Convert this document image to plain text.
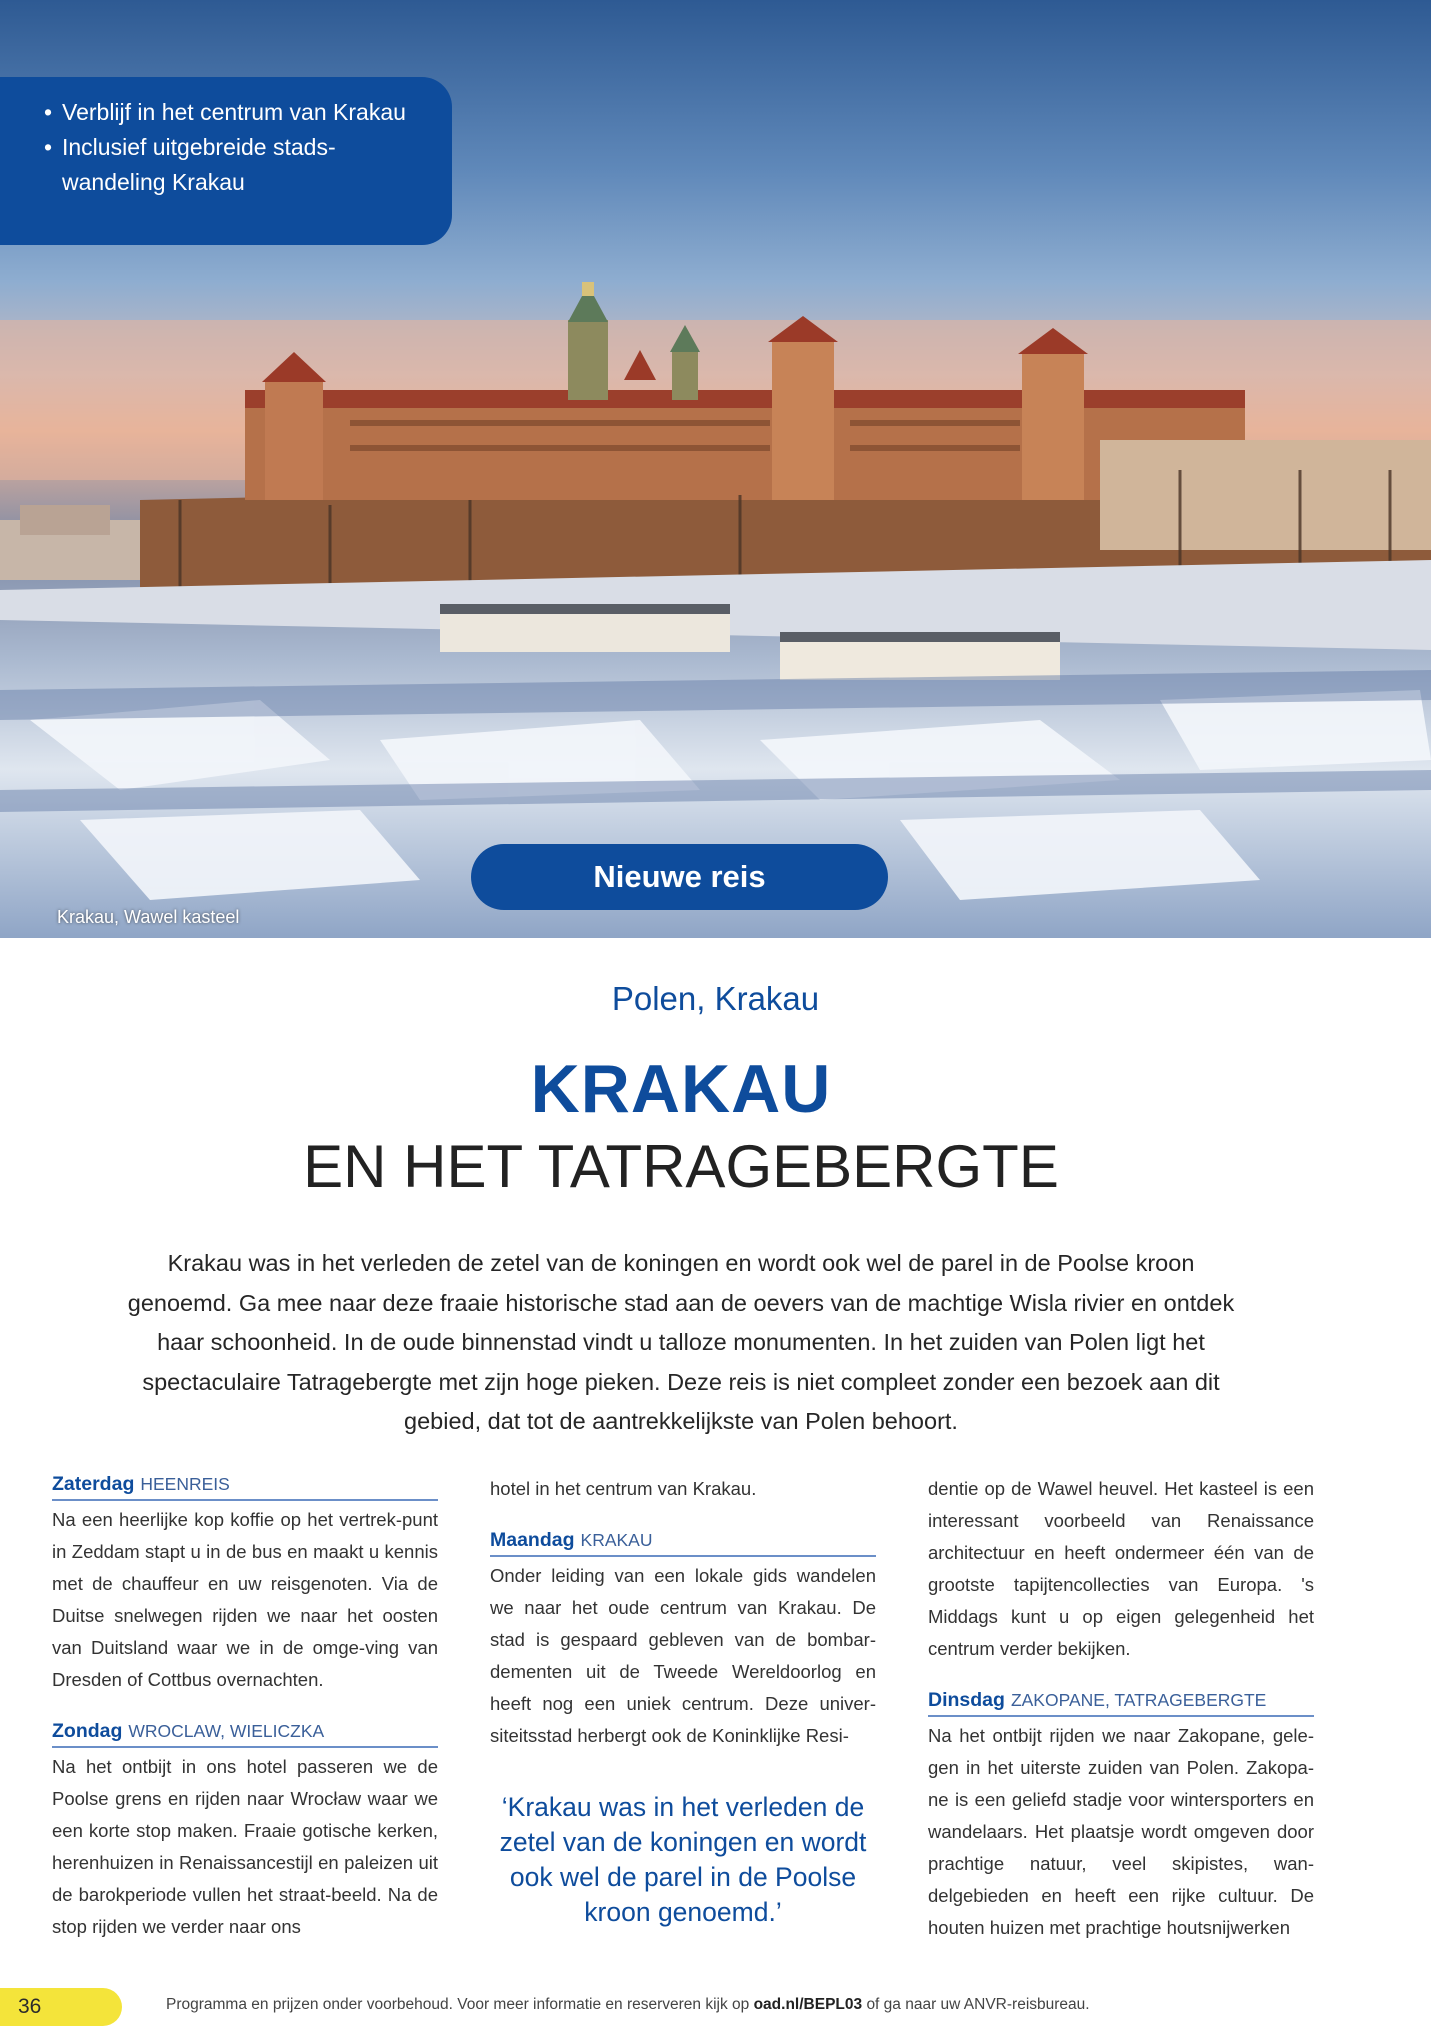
• Verblijf in het centrum van Krakau
• Inclusief uitgebreide stads- wandeling Krakau
Nieuwe reis
Krakau, Wawel kasteel
Polen, Krakau
KRAKAU
EN HET TATRAGEBERGTE

Krakau was in het verleden de zetel van de koningen en wordt ook wel de parel in de Poolse kroon genoemd. Ga mee naar deze fraaie historische stad aan de oevers van de machtige Wisla rivier en ontdek haar schoonheid. In de oude binnenstad vindt u talloze monumenten. In het zuiden van Polen ligt het spectaculaire Tatragebergte met zijn hoge pieken. Deze reis is niet compleet zonder een bezoek aan dit gebied, dat tot de aantrekkelijkste van Polen behoort.

Zaterdag HEENREIS

Na een heerlijke kop koffie op het vertrek-punt in Zeddam stapt u in de bus en maakt u kennis met de chauffeur en uw reisgenoten. Via de Duitse snelwegen rijden we naar het oosten van Duitsland waar we in de omge-ving van Dresden of Cottbus overnachten.

Zondag WROCLAW, WIELICZKA

Na het ontbijt in ons hotel passeren we de Poolse grens en rijden naar Wrocław waar we een korte stop maken. Fraaie gotische kerken, herenhuizen in Renaissancestijl en paleizen uit de barokperiode vullen het straat-beeld. Na de stop rijden we verder naar ons

hotel in het centrum van Krakau.

Maandag KRAKAU

Onder leiding van een lokale gids wandelen we naar het oude centrum van Krakau. De stad is gespaard gebleven van de bombar-dementen uit de Tweede Wereldoorlog en heeft nog een uniek centrum. Deze univer-siteitsstad herbergt ook de Koninklijke Resi-

‘Krakau was in het verleden de zetel van de koningen en wordt ook wel de parel in de Poolse kroon genoemd.’

dentie op de Wawel heuvel. Het kasteel is een interessant voorbeeld van Renaissance architectuur en heeft ondermeer één van de grootste tapijtencollecties van Europa. 's Middags kunt u op eigen gelegenheid het centrum verder bekijken.

Dinsdag ZAKOPANE, TATRAGEBERGTE

Na het ontbijt rijden we naar Zakopane, gele-gen in het uiterste zuiden van Polen. Zakopa-ne is een geliefd stadje voor wintersporters en wandelaars. Het plaatsje wordt omgeven door prachtige natuur, veel skipistes, wan-delgebieden en heeft een rijke cultuur. De houten huizen met prachtige houtsnijwerken

36	Programma en prijzen onder voorbehoud. Voor meer informatie en reserveren kijk op oad.nl/BEPL03 of ga naar uw ANVR-reisbureau.
